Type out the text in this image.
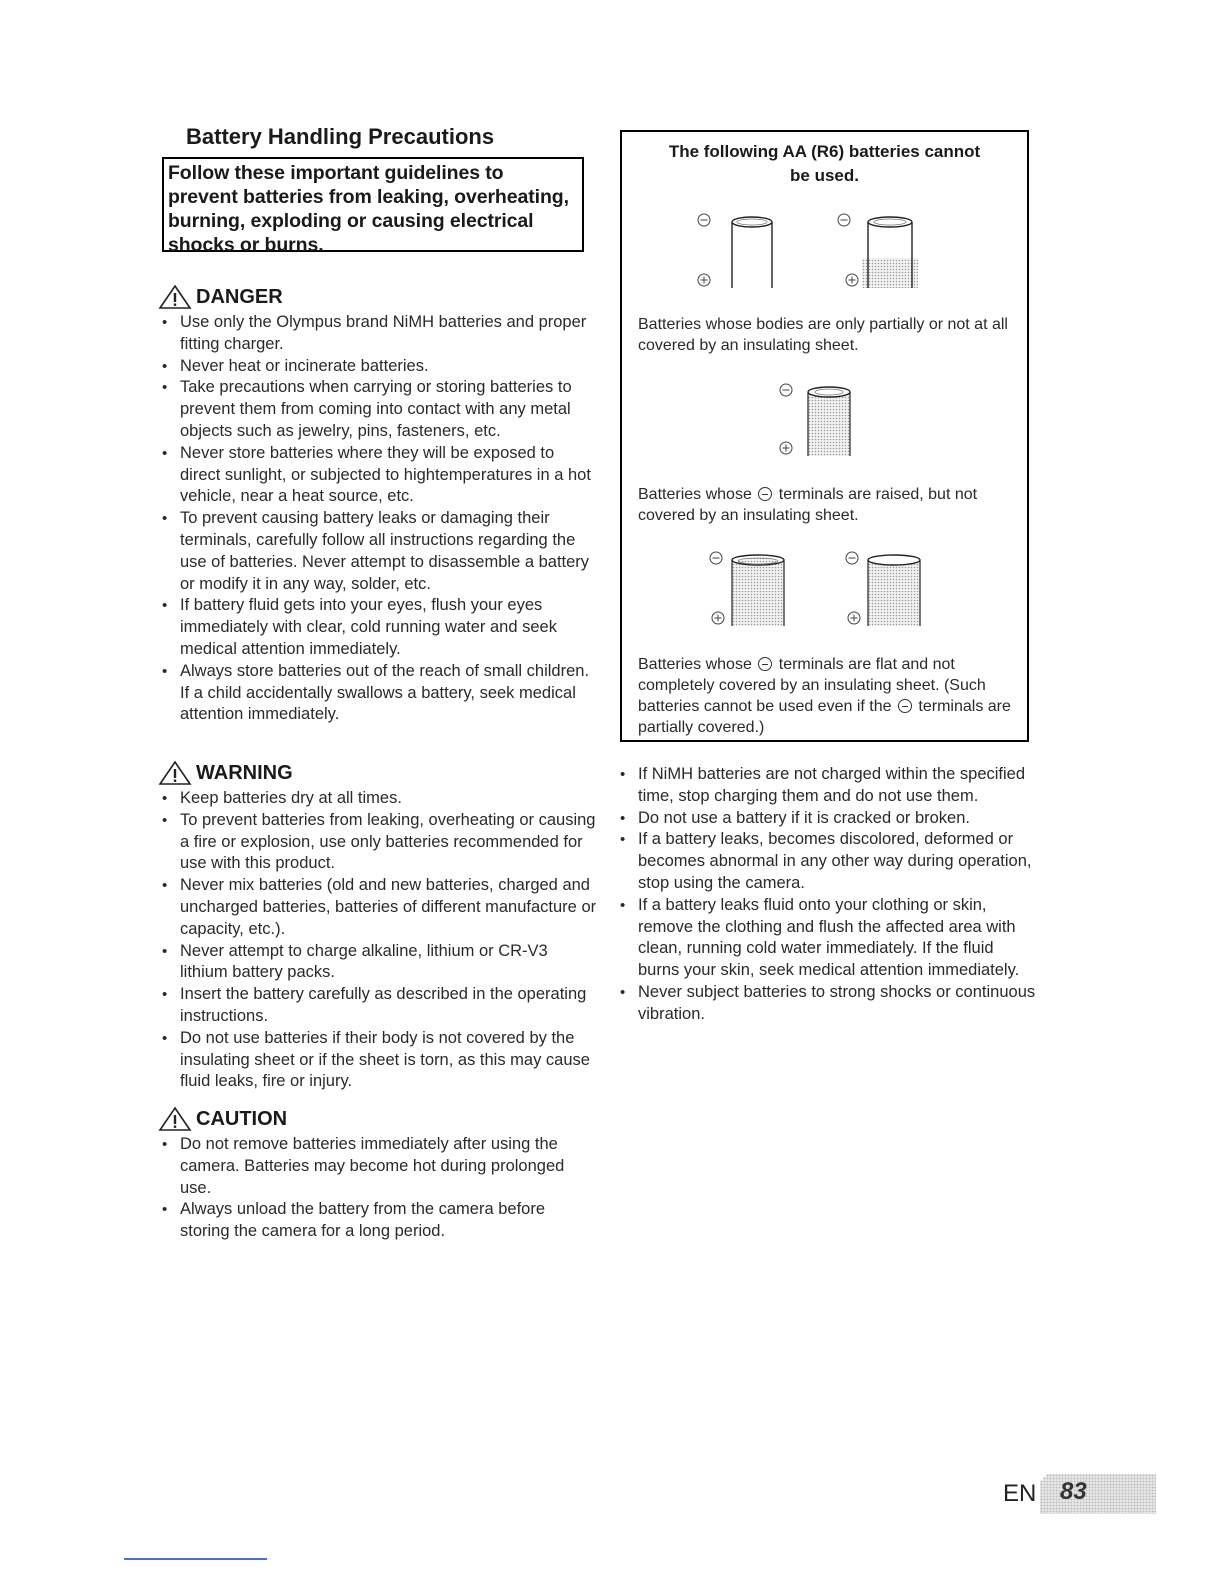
Battery Handling Precautions
Follow these important guidelines to prevent batteries from leaking, overheating, burning, exploding or causing electrical shocks or burns.
DANGER
• Use only the Olympus brand NiMH batteries and proper fitting charger.
• Never heat or incinerate batteries.
• Take precautions when carrying or storing batteries to prevent them from coming into contact with any metal objects such as jewelry, pins, fasteners, etc.
• Never store batteries where they will be exposed to direct sunlight, or subjected to hightemperatures in a hot vehicle, near a heat source, etc.
• To prevent causing battery leaks or damaging their terminals, carefully follow all instructions regarding the use of batteries. Never attempt to disassemble a battery or modify it in any way, solder, etc.
• If battery fluid gets into your eyes, flush your eyes immediately with clear, cold running water and seek medical attention immediately.
• Always store batteries out of the reach of small children. If a child accidentally swallows a battery, seek medical attention immediately.
WARNING
• Keep batteries dry at all times.
• To prevent batteries from leaking, overheating or causing a fire or explosion, use only batteries recommended for use with this product.
• Never mix batteries (old and new batteries, charged and uncharged batteries, batteries of different manufacture or capacity, etc.).
• Never attempt to charge alkaline, lithium or CR-V3 lithium battery packs.
• Insert the battery carefully as described in the operating instructions.
• Do not use batteries if their body is not covered by the insulating sheet or if the sheet is torn, as this may cause fluid leaks, fire or injury.
CAUTION
• Do not remove batteries immediately after using the camera. Batteries may become hot during prolonged use.
• Always unload the battery from the camera before storing the camera for a long period.
The following AA (R6) batteries cannot
be used.
Batteries whose bodies are only partially or not at all covered by an insulating sheet.
Batteries whose terminals are raised, but not covered by an insulating sheet.
Batteries whose terminals are flat and not completely covered by an insulating sheet. (Such batteries cannot be used even if the terminals are partially covered.)
• If NiMH batteries are not charged within the specified time, stop charging them and do not use them.
• Do not use a battery if it is cracked or broken.
• If a battery leaks, becomes discolored, deformed or becomes abnormal in any other way during operation, stop using the camera.
• If a battery leaks fluid onto your clothing or skin, remove the clothing and flush the affected area with clean, running cold water immediately. If the fluid burns your skin, seek medical attention immediately.
• Never subject batteries to strong shocks or continuous vibration.
EN 83
